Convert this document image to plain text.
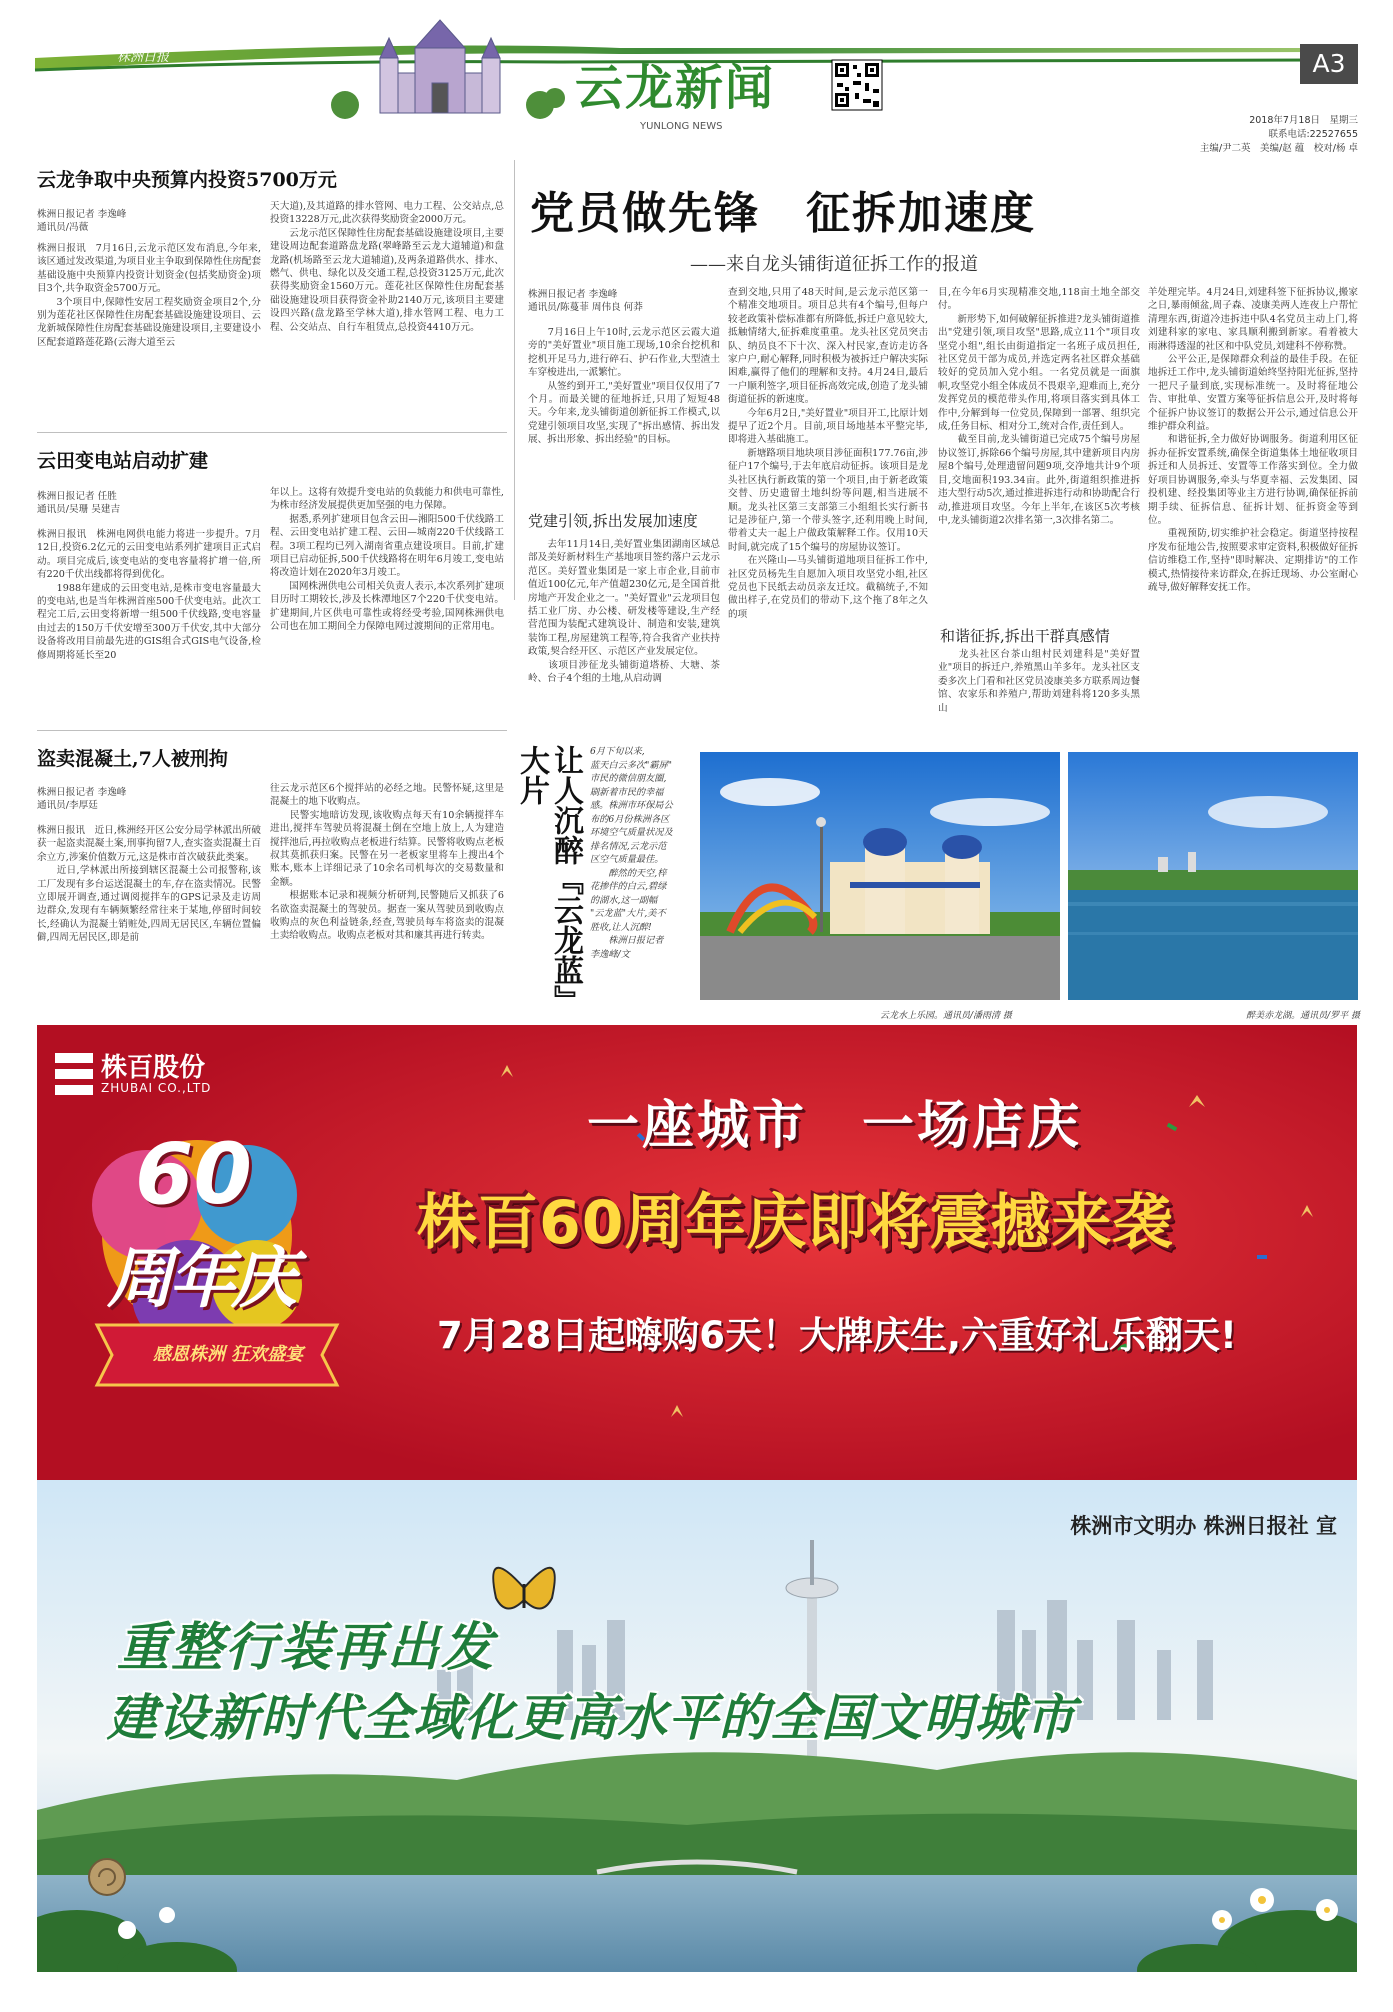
株洲日报
云龙新闻
YUNLONG NEWS
A3
2018年7月18日　星期三
联系电话:22527655
主编/尹二英　美编/赵 蕴　校对/杨 卓
云龙争取中央预算内投资5700万元
株洲日报记者 李逸峰
通讯员/冯薇
株洲日报讯　7月16日,云龙示范区发布消息,今年来,该区通过发改渠道,为项目业主争取到保障性住房配套基础设施中央预算内投资计划资金(包括奖励资金)项目3个,共争取资金5700万元。
　　3个项目中,保障性安居工程奖励资金项目2个,分别为莲花社区保障性住房配套基础设施建设项目、云龙新城保障性住房配套基础设施建设项目,主要建设小区配套道路莲花路(云海大道至云
天大道),及其道路的排水管网、电力工程、公交站点,总投资13228万元,此次获得奖励资金2000万元。
　　云龙示范区保障性住房配套基础设施建设项目,主要建设周边配套道路盘龙路(翠峰路至云龙大道辅道)和盘龙路(机场路至云龙大道辅道),及两条道路供水、排水、燃气、供电、绿化以及交通工程,总投资3125万元,此次获得奖励资金1560万元。莲花社区保障性住房配套基础设施建设项目获得资金补助2140万元,该项目主要建设四兴路(盘龙路至学林大道),排水管网工程、电力工程、公交站点、自行车租赁点,总投资4410万元。
云田变电站启动扩建
株洲日报记者 任胜
通讯员/吴珊 吴建吉
株洲日报讯　株洲电网供电能力将进一步提升。7月12日,投资6.2亿元的云田变电站系列扩建项目正式启动。项目完成后,该变电站的变电容量将扩增一倍,所有220千伏出线都将得到优化。
　　1988年建成的云田变电站,是株市变电容量最大的变电站,也是当年株洲首座500千伏变电站。此次工程完工后,云田变将新增一组500千伏线路,变电容量由过去的150万千伏安增至300万千伏安,其中大部分设备将改用目前最先进的GIS组合式GIS电气设备,检修周期将延长至20
年以上。这将有效提升变电站的负载能力和供电可靠性,为株市经济发展提供更加坚强的电力保障。
　　据悉,系列扩建项目包含云田—湘阳500千伏线路工程、云田变电站扩建工程、云田—城南220千伏线路工程。3项工程均已列入湖南省重点建设项目。目前,扩建项目已启动征拆,500千伏线路将在明年6月竣工,变电站将改造计划在2020年3月竣工。
　　国网株洲供电公司相关负责人表示,本次系列扩建项目历时工期较长,涉及长株潭地区7个220千伏变电站。扩建期间,片区供电可靠性或将经受考验,国网株洲供电公司也在加工期间全力保障电网过渡期间的正常用电。
盗卖混凝土,7人被刑拘
株洲日报记者 李逸峰
通讯员/李厚廷
株洲日报讯　近日,株洲经开区公安分局学林派出所破获一起盗卖混凝土案,刑事拘留7人,查实盗卖混凝土百余立方,涉案价值数万元,这是株市首次破获此类案。
　　近日,学林派出所接到辖区混凝土公司报警称,该工厂发现有多台运送混凝土的车,存在盗卖情况。民警立即展开调查,通过调阅搅拌车的GPS记录及走访周边群众,发现有车辆频繁经常往来于某地,停留时间较长,经确认为混凝土销赃处,四周无居民区,车辆位置偏僻,四周无居民区,即是前
往云龙示范区6个搅拌站的必经之地。民警怀疑,这里是混凝土的地下收购点。
　　民警实地暗访发现,该收购点每天有10余辆搅拌车进出,搅拌车驾驶员将混凝土倒在空地上放上,人为建造搅拌池后,再拉收购点老板进行结算。民警将收购点老板叔其莫抓获归案。民警在另一老板家里将车上搜出4个账本,账本上详细记录了10余名司机每次的交易数量和金额。
　　根据账本记录和视频分析研判,民警随后又抓获了6名欲盗卖混凝土的驾驶员。据查一案从驾驶员到收购点收购点的灰色利益链条,经查,驾驶员每车将盗卖的混凝土卖给收购点。收购点老板对其和廉其再进行转卖。
党员做先锋　征拆加速度
——来自龙头铺街道征拆工作的报道
株洲日报记者 李逸峰
通讯员/陈蔓菲 周伟良 何莽
　　7月16日上午10时,云龙示范区云霞大道旁的"美好置业"项目施工现场,10余台挖机和挖机开足马力,进行碎石、护石作业,大型渣土车穿梭进出,一派繁忙。
　　从签约到开工,"美好置业"项目仅仅用了7个月。而最关键的征地拆迁,只用了短短48天。今年来,龙头铺街道创新征拆工作模式,以党建引领项目攻坚,实现了"拆出感情、拆出发展、拆出形象、拆出经验"的目标。
党建引领,拆出发展加速度
　　去年11月14日,美好置业集团湖南区域总部及美好新材料生产基地项目签约落户云龙示范区。美好置业集团是一家上市企业,目前市值近100亿元,年产值超230亿元,是全国首批房地产开发企业之一。"美好置业"云龙项目包括工业厂房、办公楼、研发楼等建设,生产经营范围为装配式建筑设计、制造和安装,建筑装饰工程,房屋建筑工程等,符合我省产业扶持政策,契合经开区、示范区产业发展定位。
　　该项目涉征龙头铺街道塔桥、大塘、茶岭、台子4个组的土地,从启动调
查到交地,只用了48天时间,是云龙示范区第一个精准交地项目。项目总共有4个编号,但每户较老政策补偿标准都有所降低,拆迁户意见较大,抵触情绪大,征拆难度重重。龙头社区党员突击队、纳员良不下十次、深入村民家,查访走访各家户户,耐心解释,同时积极为被拆迁户解决实际困难,赢得了他们的理解和支持。4月24日,最后一户顺利签字,项目征拆高效完成,创造了龙头铺街道征拆的新速度。
　　今年6月2日,"美好置业"项目开工,比原计划提早了近2个月。目前,项目场地基本平整完毕,即将进入基础施工。
　　新塘路项目地块项目涉征面积177.76亩,涉征户17个编号,于去年底启动征拆。该项目是龙头社区执行新政策的第一个项目,由于新老政策交替、历史遗留土地纠纷等问题,相当进展不顺。龙头社区第三支部第三小组组长实行新书记是涉征户,第一个带头签字,还利用晚上时间,带着丈夫一起上户做政策解释工作。仅用10天时间,就完成了15个编号的房屋协议签订。
　　在兴隆山—马头铺街道地项目征拆工作中,社区党员杨先生自愿加入项目攻坚党小组,社区党员也下民纸去动员亲友迁坟。截稿统子,不知做出样子,在党员们的带动下,这个拖了8年之久的项
目,在今年6月实现精准交地,118亩土地全部交付。
　　新形势下,如何破解征拆推进?龙头铺街道推出"党建引领,项目攻坚"思路,成立11个"项目攻坚党小组",组长由街道指定一名班子成员担任,社区党员干部为成员,并选定两名社区群众基础较好的党员加入党小组。一名党员就是一面旗帜,攻坚党小组全体成员不畏艰辛,迎难而上,充分发挥党员的模范带头作用,将项目落实到具体工作中,分解到每一位党员,保障到一部署、组织完成,任务目标、相对分工,统对合作,责任到人。
　　截至目前,龙头铺街道已完成75个编号房屋协议签订,拆除66个编号房屋,其中建新项目内房屋8个编号,处理遗留问题9项,交净地共计9个项目,交地面积193.34亩。此外,街道组织推进拆违大型行动5次,通过推进拆违行动和协助配合行动,推进项目攻坚。今年上半年,在该区5次考核中,龙头铺街道2次排名第一,3次排名第二。
和谐征拆,拆出干群真感情
　　龙头社区台茶山组村民刘建科是"美好置业"项目的拆迁户,养殖黑山羊多年。龙头社区支委多次上门看和社区党员凌康美多方联系周边餐馆、农家乐和养殖户,帮助刘建科将120多头黑山
羊处理完毕。4月24日,刘建科签下征拆协议,搬家之日,暴雨倾盆,周子森、凌康美两人连夜上户帮忙清理东西,街道冷违拆违中队4名党员主动上门,将刘建科家的家电、家具顺利搬到新家。看着被大雨淋得透湿的社区和中队党员,刘建科不停称赞。
　　公平公正,是保障群众利益的最佳手段。在征地拆迁工作中,龙头铺街道始终坚持阳光征拆,坚持一把尺子量到底,实现标准统一。及时将征地公告、审批单、安置方案等征拆信息公开,及时将每个征拆户协议签订的数据公开公示,通过信息公开维护群众利益。
　　和谐征拆,全力做好协调服务。街道利用区征拆办征拆安置系统,确保全街道集体土地征收项目拆迁和人员拆迁、安置等工作落实到位。全力做好项目协调服务,牵头与华夏幸福、云发集团、园投机建、经投集团等业主方进行协调,确保征拆前期手续、征拆信息、征拆计划、征拆资金等到位。
　　重视预防,切实维护社会稳定。街道坚持按程序发布征地公告,按照要求审定资料,积极做好征拆信访维稳工作,坚持"即时解决、定期排访"的工作模式,热情接待来访群众,在拆迁现场、办公室耐心疏导,做好解释安抚工作。
让人沉醉『云龙蓝』大片	6月下旬以来,
蓝天白云多次"霸屏"
市民的微信朋友圈,
刷新着市民的幸福
感。株洲市环保局公
布的6月份株洲各区
环境空气质量状况及
排名情况,云龙示范
区空气质量最佳。
　　醉然的天空,梓
花掺伴的白云,碧绿
的湖水,这一副幅
"云龙蓝"大片,美不
胜收,让人沉醉!
　　株洲日报记者
李逸峰/文
云龙水上乐园。通讯员/潘雨清 摄	醉美赤龙湖。通讯员/罗平 摄
株百股份
ZHUBAI CO.,LTD
60
周年庆
感恩株洲 狂欢盛宴
一座城市　一场店庆
株百60周年庆即将震撼来袭
7月28日起嗨购6天！大牌庆生,六重好礼乐翻天!
株洲市文明办 株洲日报社 宣
重整行装再出发
建设新时代全域化更高水平的全国文明城市
